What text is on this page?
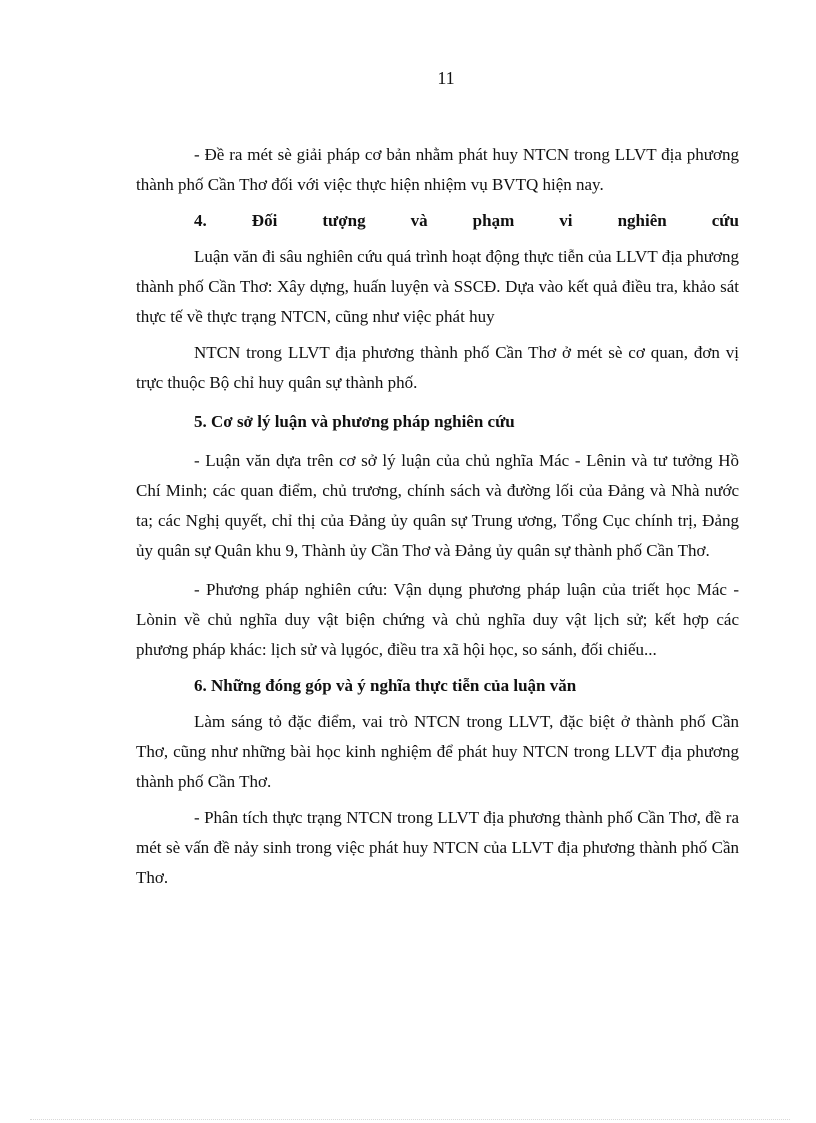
11

- Đề ra mét sè giải pháp cơ bản nhằm phát huy NTCN trong LLVT địa phương thành phố Cần Thơ đối với việc thực hiện nhiệm vụ BVTQ hiện nay.

4.	Đối	tượng	và	phạm	vi	nghiên	cứu

Luận văn đi sâu nghiên cứu quá trình hoạt động thực tiễn của LLVT địa phương thành phố Cần Thơ: Xây dựng, huấn luyện và SSCĐ. Dựa vào kết quả điều tra, khảo sát thực tế về thực trạng NTCN, cũng như việc phát huy

NTCN trong LLVT địa phương thành phố Cần Thơ ở mét sè cơ quan, đơn vị trực thuộc Bộ chỉ huy quân sự thành phố.

5. Cơ sở lý luận và phương pháp nghiên cứu

- Luận văn dựa trên cơ sở lý luận của chủ nghĩa Mác - Lênin và tư tưởng Hồ Chí Minh; các quan điểm, chủ trương, chính sách và đường lối của Đảng và Nhà nước ta; các Nghị quyết, chỉ thị của Đảng ủy quân sự Trung ương, Tổng Cục chính trị, Đảng ủy quân sự Quân khu 9, Thành ủy Cần Thơ và Đảng ủy quân sự thành phố Cần Thơ.

- Phương pháp nghiên cứu: Vận dụng phương pháp luận của triết học Mác - Lònin về chủ nghĩa duy vật biện chứng và chủ nghĩa duy vật lịch sử; kết hợp các phương pháp khác: lịch sử và lụgóc, điều tra xã hội học, so sánh, đối chiếu...

6. Những đóng góp và ý nghĩa thực tiễn của luận văn

Làm sáng tỏ đặc điểm, vai trò NTCN trong LLVT, đặc biệt ở thành phố Cần Thơ, cũng như những bài học kinh nghiệm để phát huy NTCN trong LLVT địa phương thành phố Cần Thơ.

- Phân tích thực trạng NTCN trong LLVT địa phương thành phố Cần Thơ, đề ra mét sè vấn đề nảy sinh trong việc phát huy NTCN của LLVT địa phương thành phố Cần Thơ.
